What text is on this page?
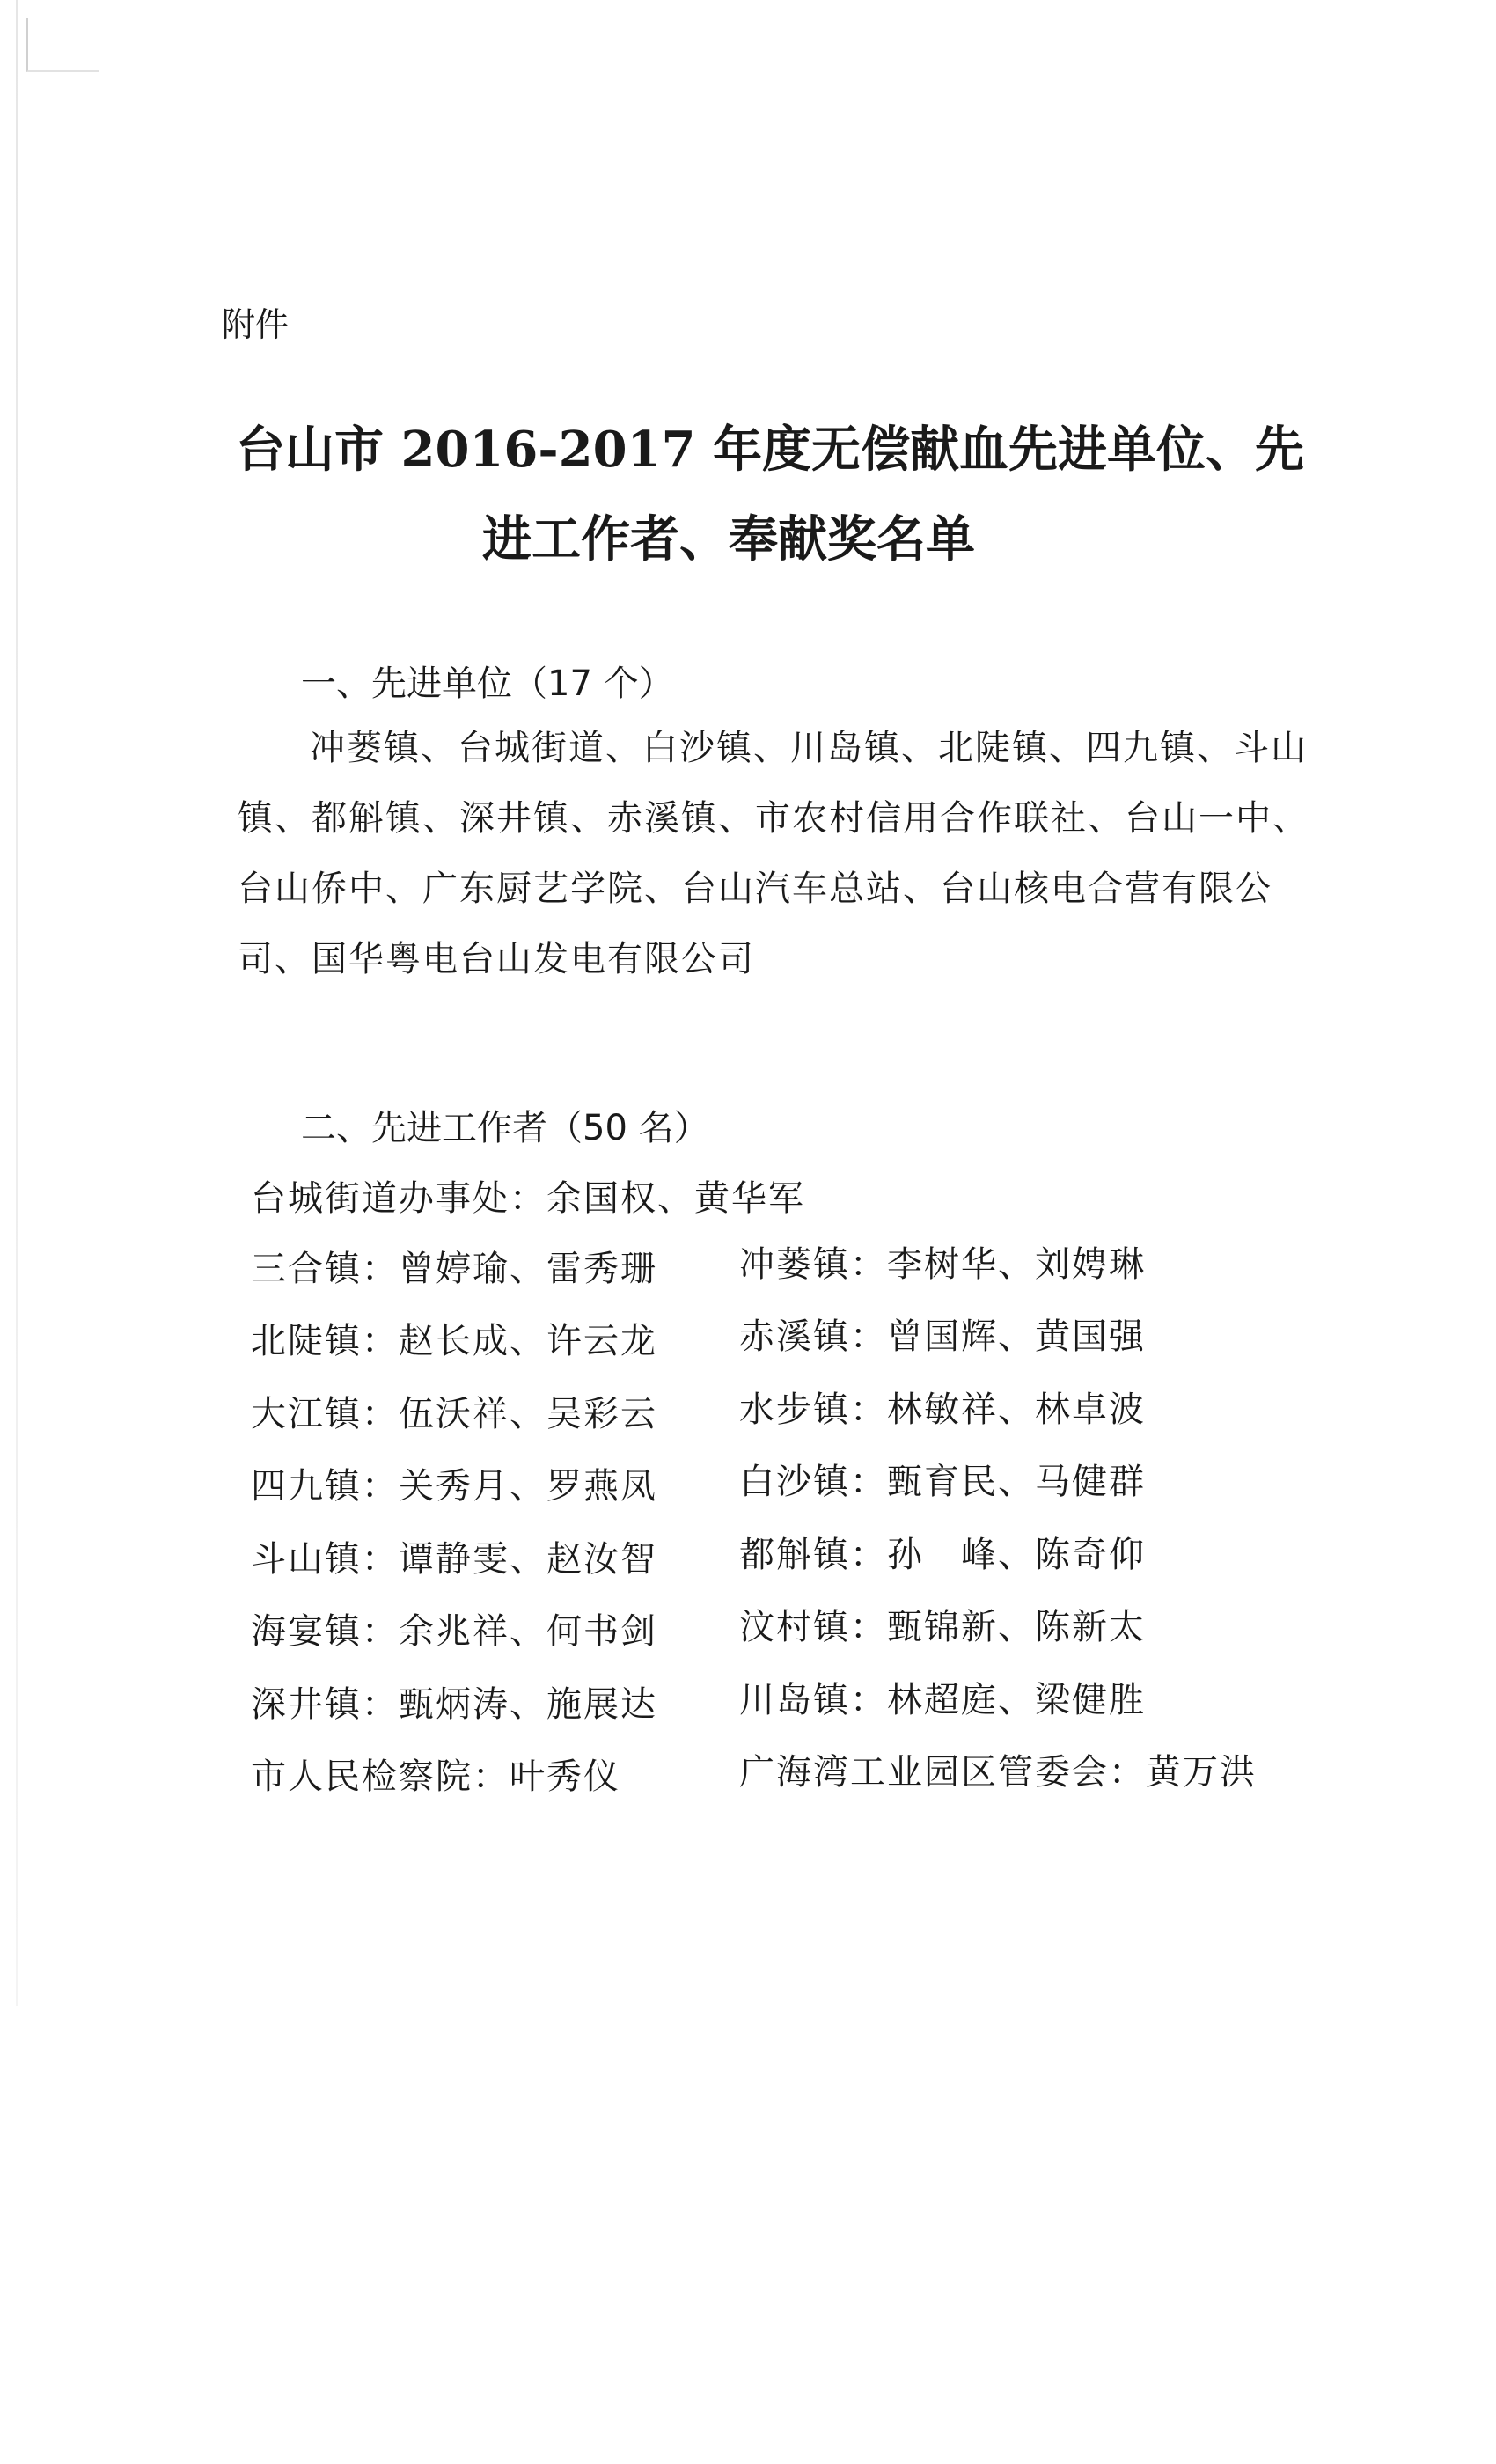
附件
台山市 2016-2017 年度无偿献血先进单位、先
进工作者、奉献奖名单
一、先进单位（17 个）
冲蒌镇、台城街道、白沙镇、川岛镇、北陡镇、四九镇、斗山镇、都斛镇、深井镇、赤溪镇、市农村信用合作联社、台山一中、台山侨中、广东厨艺学院、台山汽车总站、台山核电合营有限公司、国华粤电台山发电有限公司
二、先进工作者（50 名）
台城街道办事处：余国权、黄华军
三合镇：曾婷瑜、雷秀珊 冲蒌镇：李树华、刘娉琳
北陡镇：赵长成、许云龙 赤溪镇：曾国辉、黄国强
大江镇：伍沃祥、吴彩云 水步镇：林敏祥、林卓波
四九镇：关秀月、罗燕凤 白沙镇：甄育民、马健群
斗山镇：谭静雯、赵汝智 都斛镇：孙　峰、陈奇仰
海宴镇：余兆祥、何书剑 汶村镇：甄锦新、陈新太
深井镇：甄炳涛、施展达 川岛镇：林超庭、梁健胜
市人民检察院：叶秀仪	广海湾工业园区管委会：黄万洪
